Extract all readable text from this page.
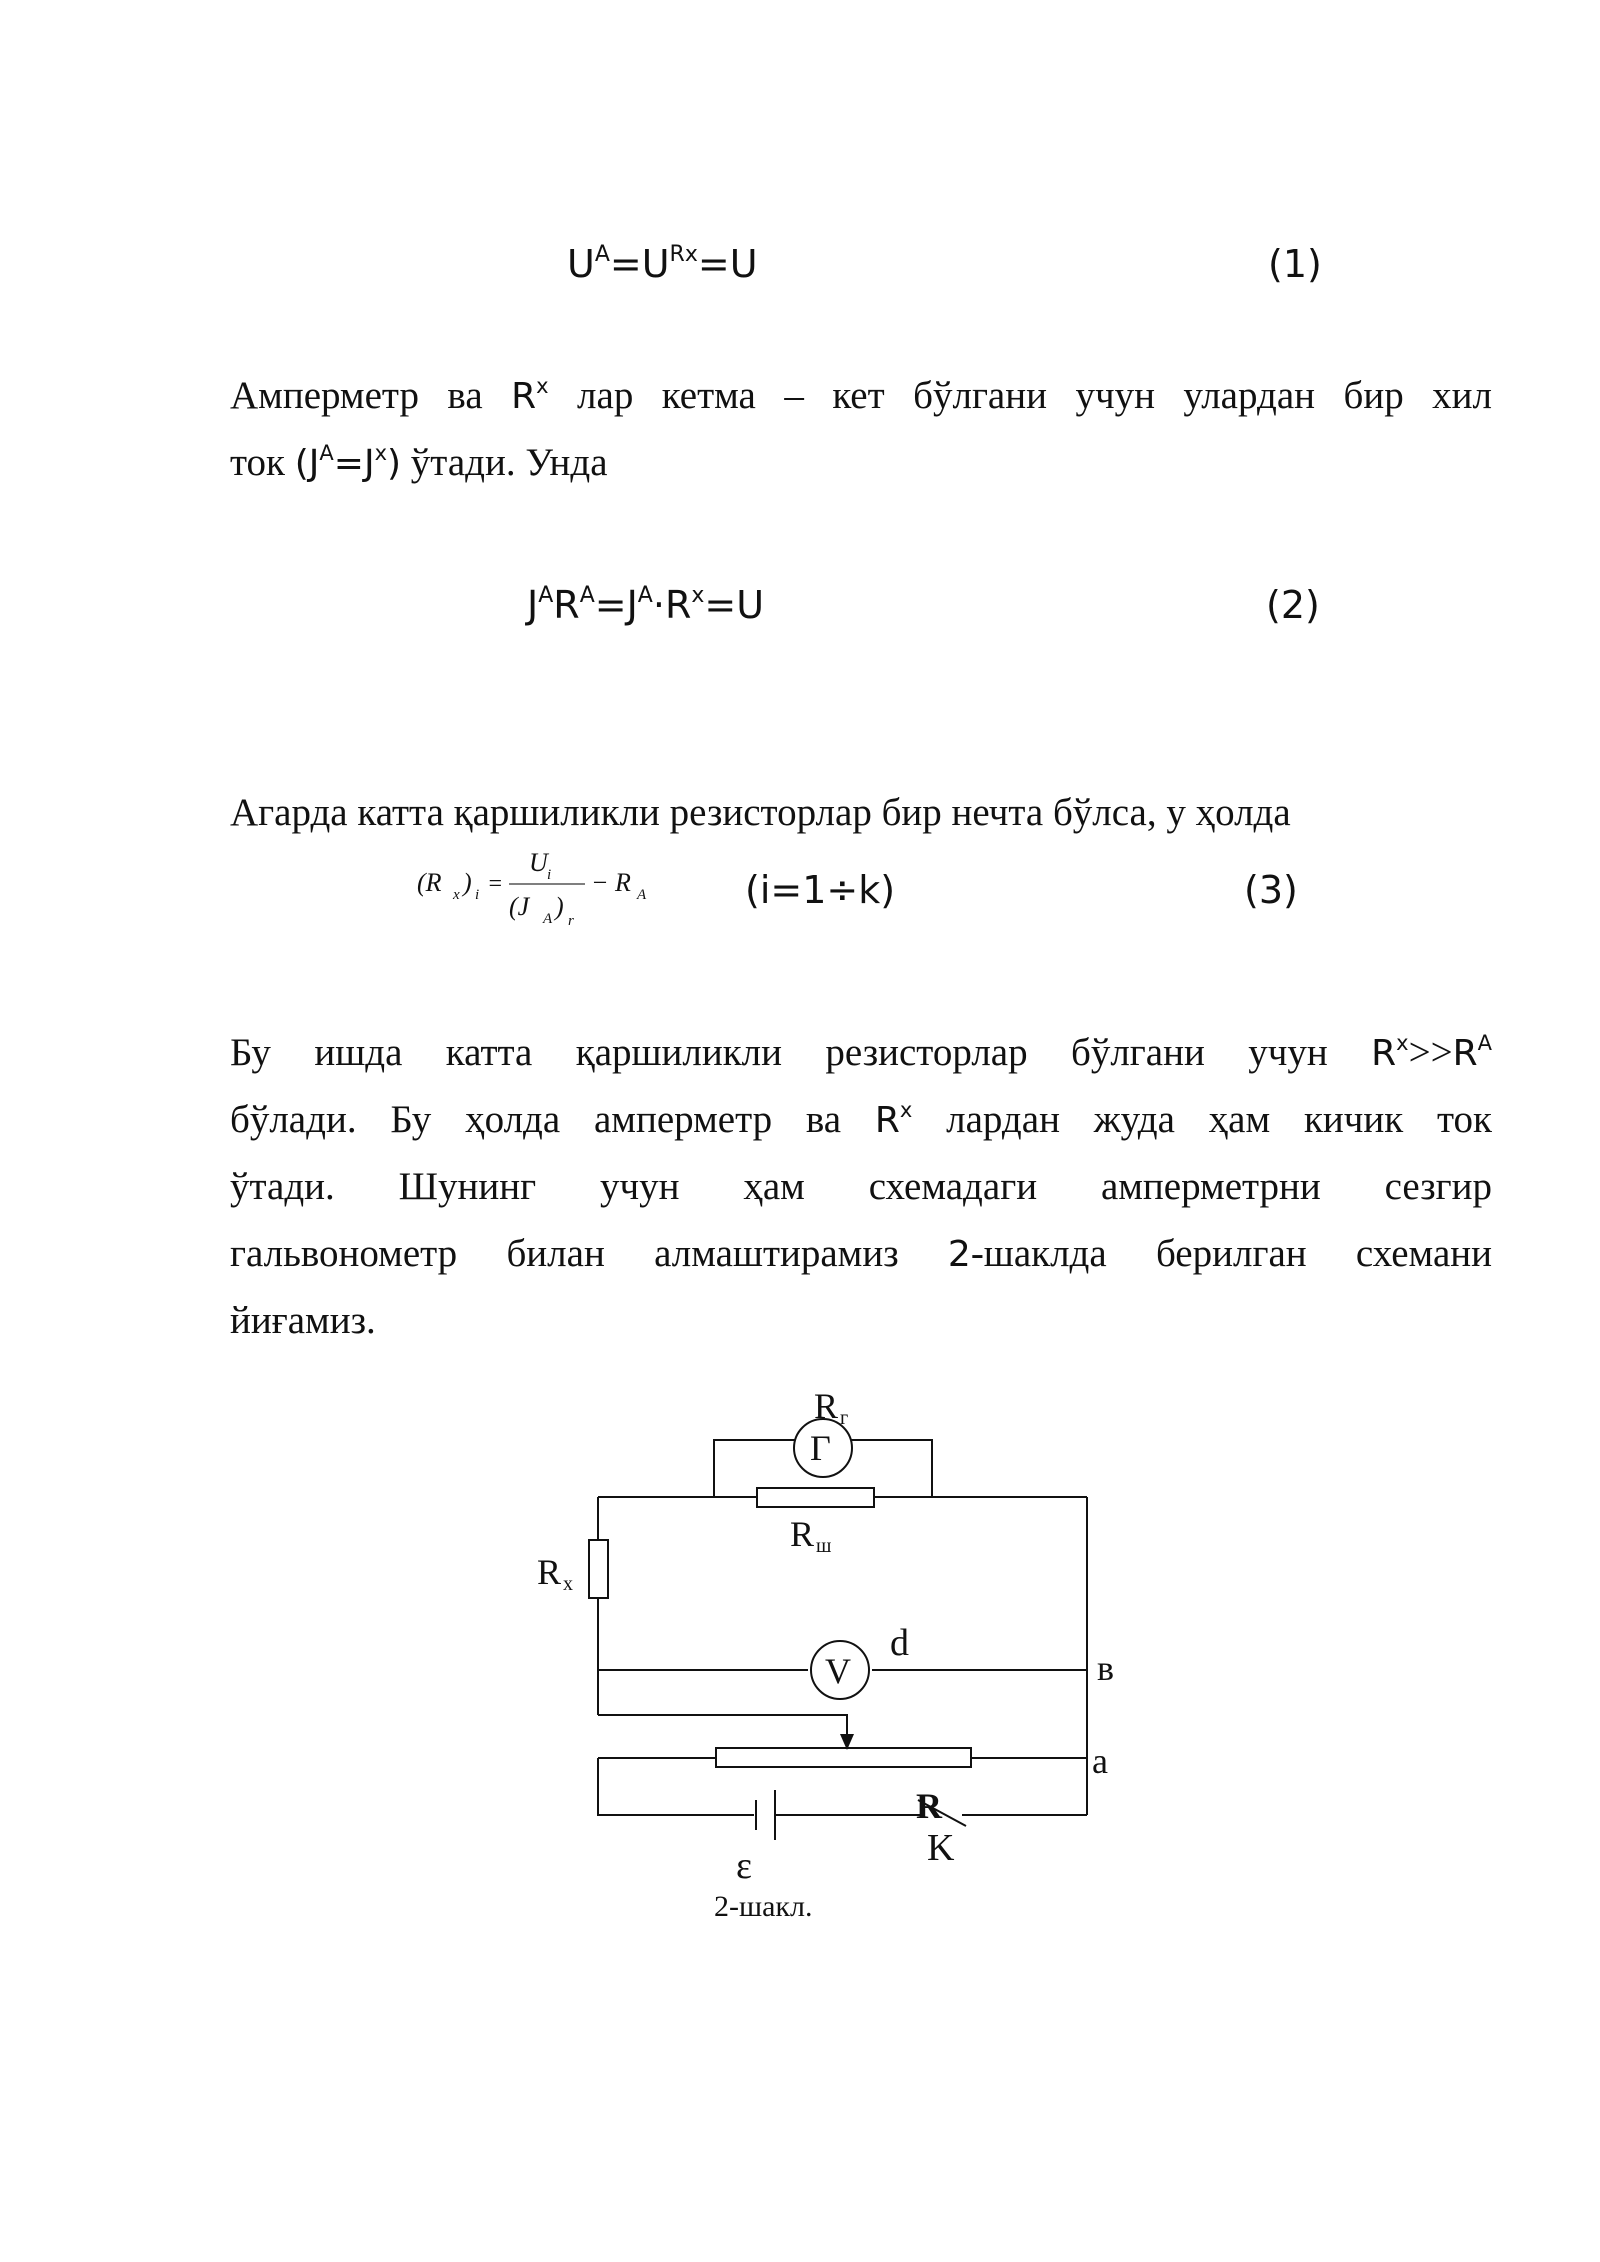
$U^A=U^{Rx}=U$	(1)
Амперметр ва $R^x$ лар кетма – кет бўлгани учун улардан бир хил
ток $(J^A=J^x)$ ўтади. Унда
$J^AR^A=J^A\cdot R^x=U$	(2)
Агарда катта қаршиликли резисторлар бир нечта бўлса, у ҳолда
(R x ) i =
U i
(J A ) r
− R A	(i=1÷k)	(3)
Бу ишда катта қаршиликли резисторлар бўлгани учун $R^x>>R^A$
бўлади. Бу ҳолда амперметр ва $R^x$ лардан жуда ҳам кичик ток
ўтади. Шунинг учун ҳам схемадаги амперметрни сезгир
гальвонометр билан алмаштирамиз 2-шаклда берилган схемани
йиғамиз.
R г
Г
R ш
R x
V
d
в
a
R
K
ε
2-шакл.
